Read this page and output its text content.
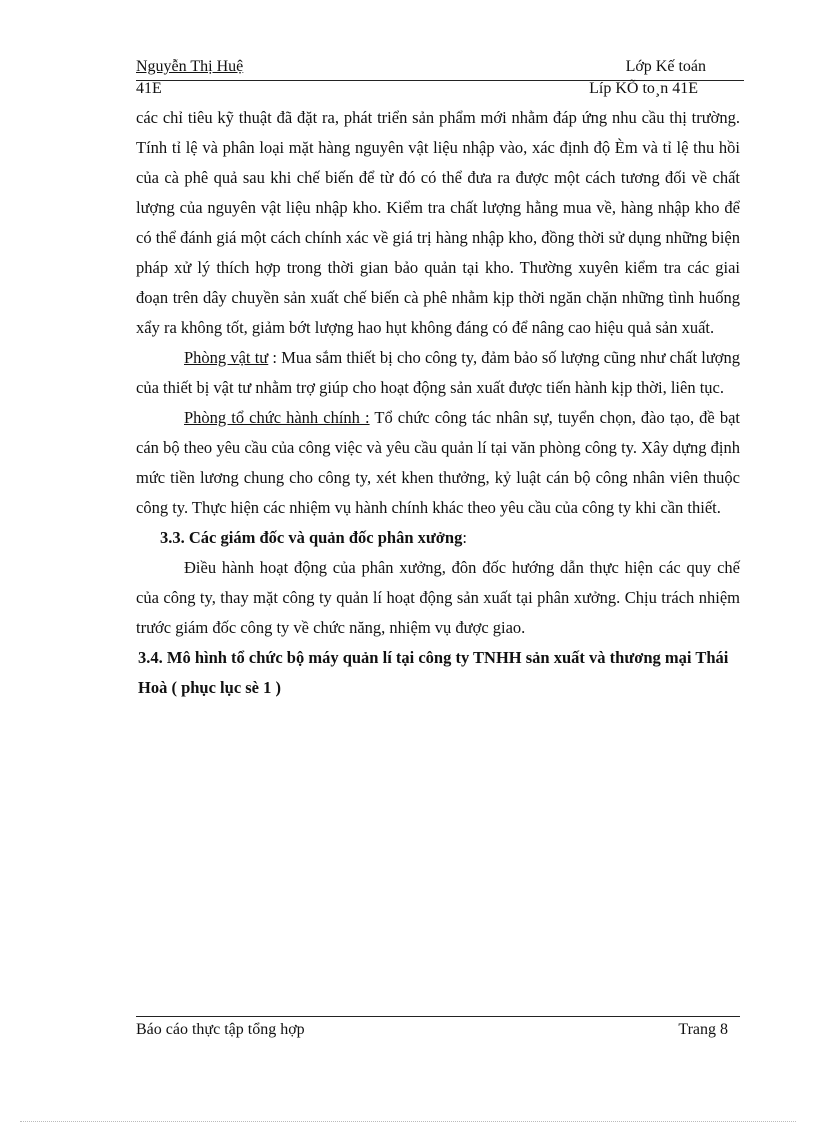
Nguyễn Thị Huệ	Lớp Kế toán
41E	Líp KÕ to¸n 41E

các chỉ tiêu kỹ thuật đã đặt ra, phát triển sản phẩm mới nhằm đáp ứng nhu cầu thị trường. Tính tỉ lệ và phân loại mặt hàng nguyên vật liệu nhập vào, xác định độ Èm và tỉ lệ thu hồi của cà phê quả sau khi chế biến để từ đó có thể đưa ra được một cách tương đối về chất lượng của nguyên vật liệu nhập kho. Kiểm tra chất lượng hằng mua về, hàng nhập kho để có thể đánh giá một cách chính xác về giá trị hàng nhập kho, đồng thời sử dụng những biện pháp xử lý thích hợp trong thời gian bảo quản tại kho. Thường xuyên kiểm tra các giai đoạn trên dây chuyền sản xuất chế biến cà phê nhằm kịp thời ngăn chặn những tình huống xẩy ra không tốt, giảm bớt lượng hao hụt không đáng có để nâng cao hiệu quả sản xuất.

Phòng vật tư : Mua sắm thiết bị cho công ty, đảm bảo số lượng cũng như chất lượng của thiết bị vật tư nhằm trợ giúp cho hoạt động sản xuất được tiến hành kịp thời, liên tục.

Phòng tổ chức hành chính : Tổ chức công tác nhân sự, tuyển chọn, đào tạo, đề bạt cán bộ theo yêu cầu của công việc và yêu cầu quản lí tại văn phòng công ty. Xây dựng định mức tiền lương chung cho công ty, xét khen thưởng, kỷ luật cán bộ công nhân viên thuộc công ty. Thực hiện các nhiệm vụ hành chính khác theo yêu cầu của công ty khi cần thiết.

3.3. Các giám đốc và quản đốc phân xưởng:

Điều hành hoạt động của phân xưởng, đôn đốc hướng dẫn thực hiện các quy chế của công ty, thay mặt công ty quản lí hoạt động sản xuất tại phân xưởng. Chịu trách nhiệm trước giám đốc công ty về chức năng, nhiệm vụ được giao.

3.4. Mô hình tổ chức bộ máy quản lí tại công ty TNHH sản xuất và thương mại Thái Hoà ( phục lục sè 1 )

Báo cáo thực tập tổng hợp	Trang 8
